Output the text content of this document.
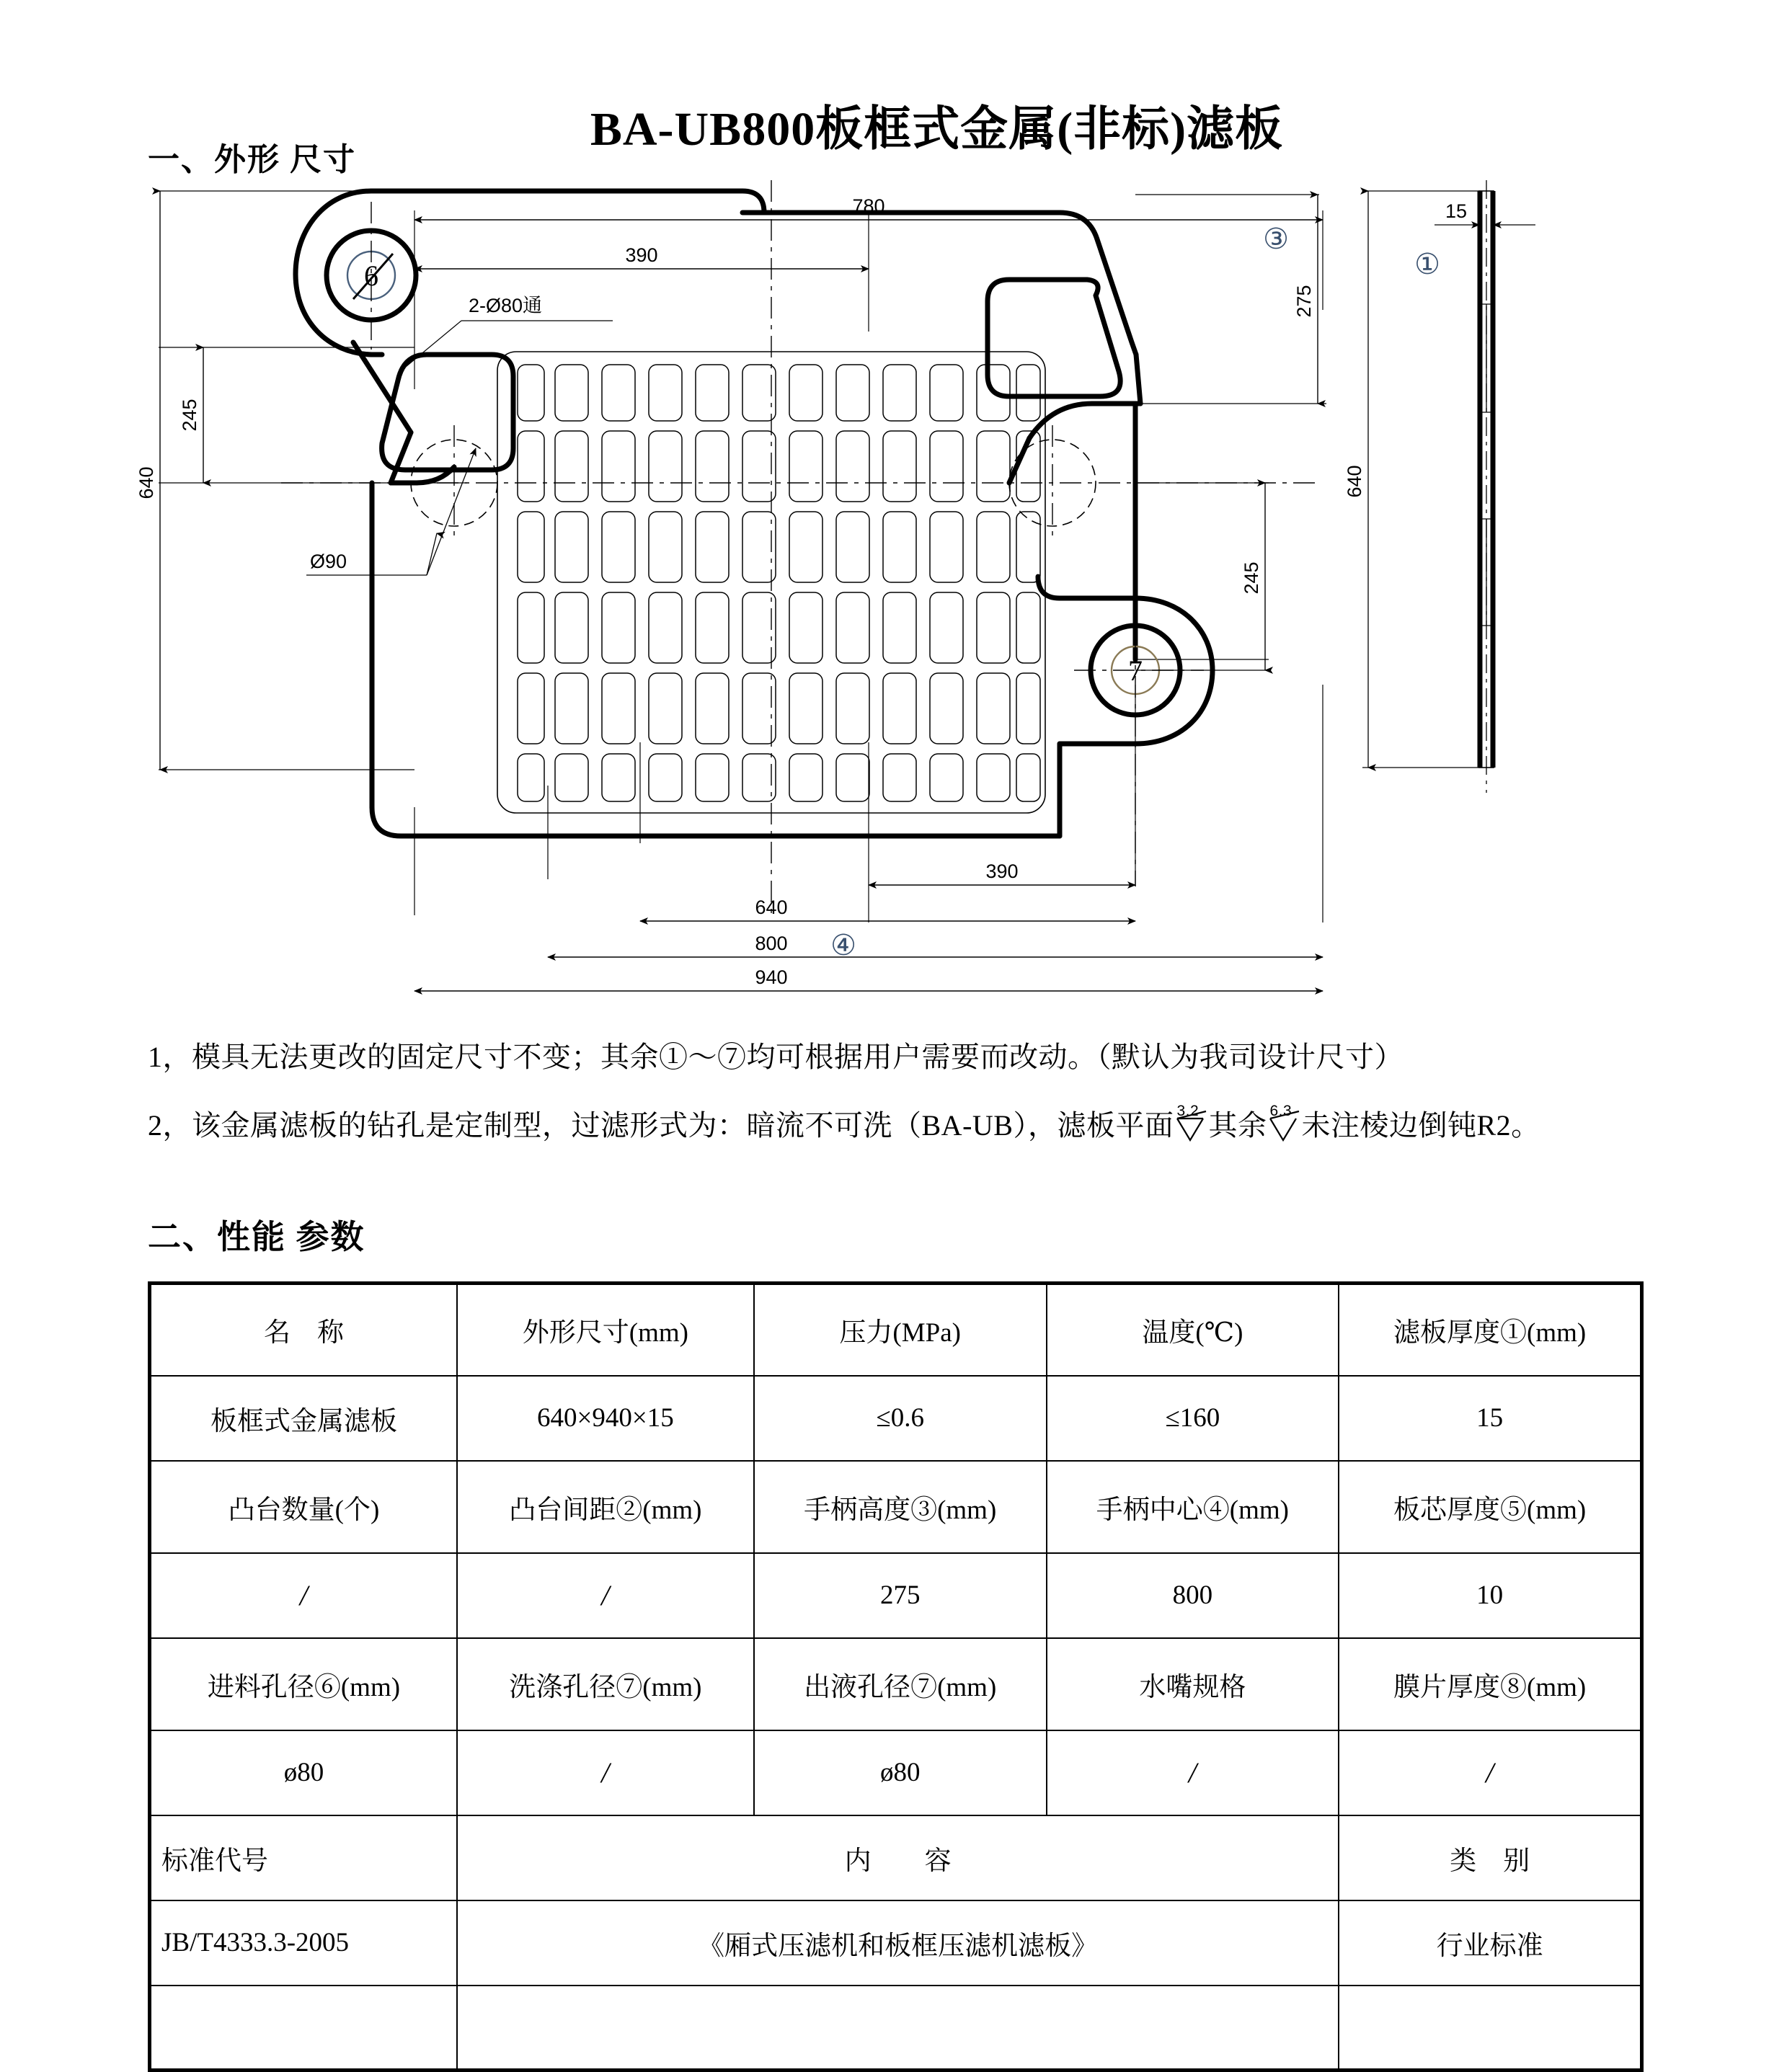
BA-UB800板框式金属(非标)滤板
一、外形 尺寸
780
390
2-Ø80通
6
7
Ø90
245
640
275
③
245
390
640
800 ④
940
15
①
640
1，模具无法更改的固定尺寸不变；其余①～⑦均可根据用户需要而改动。（默认为我司设计尺寸）
2，该金属滤板的钻孔是定制型，过滤形式为：暗流不可洗（BA-UB），滤板平面 3.2 其余 6.3 未注棱边倒钝R2。
二、性能 参数
名　称	外形尺寸(mm)	压力(MPa)	温度(℃)	滤板厚度①(mm)
板框式金属滤板	640×940×15	≤0.6	≤160	15
凸台数量(个)	凸台间距②(mm)	手柄高度③(mm)	手柄中心④(mm)	板芯厚度⑤(mm)
/	/	275	800	10
进料孔径⑥(mm)	洗涤孔径⑦(mm)	出液孔径⑦(mm)	水嘴规格	膜片厚度⑧(mm)
ø80	/	ø80	/	/
标准代号	内　　容			类　别
JB/T4333.3-2005	《厢式压滤机和板框压滤机滤板》			行业标准
